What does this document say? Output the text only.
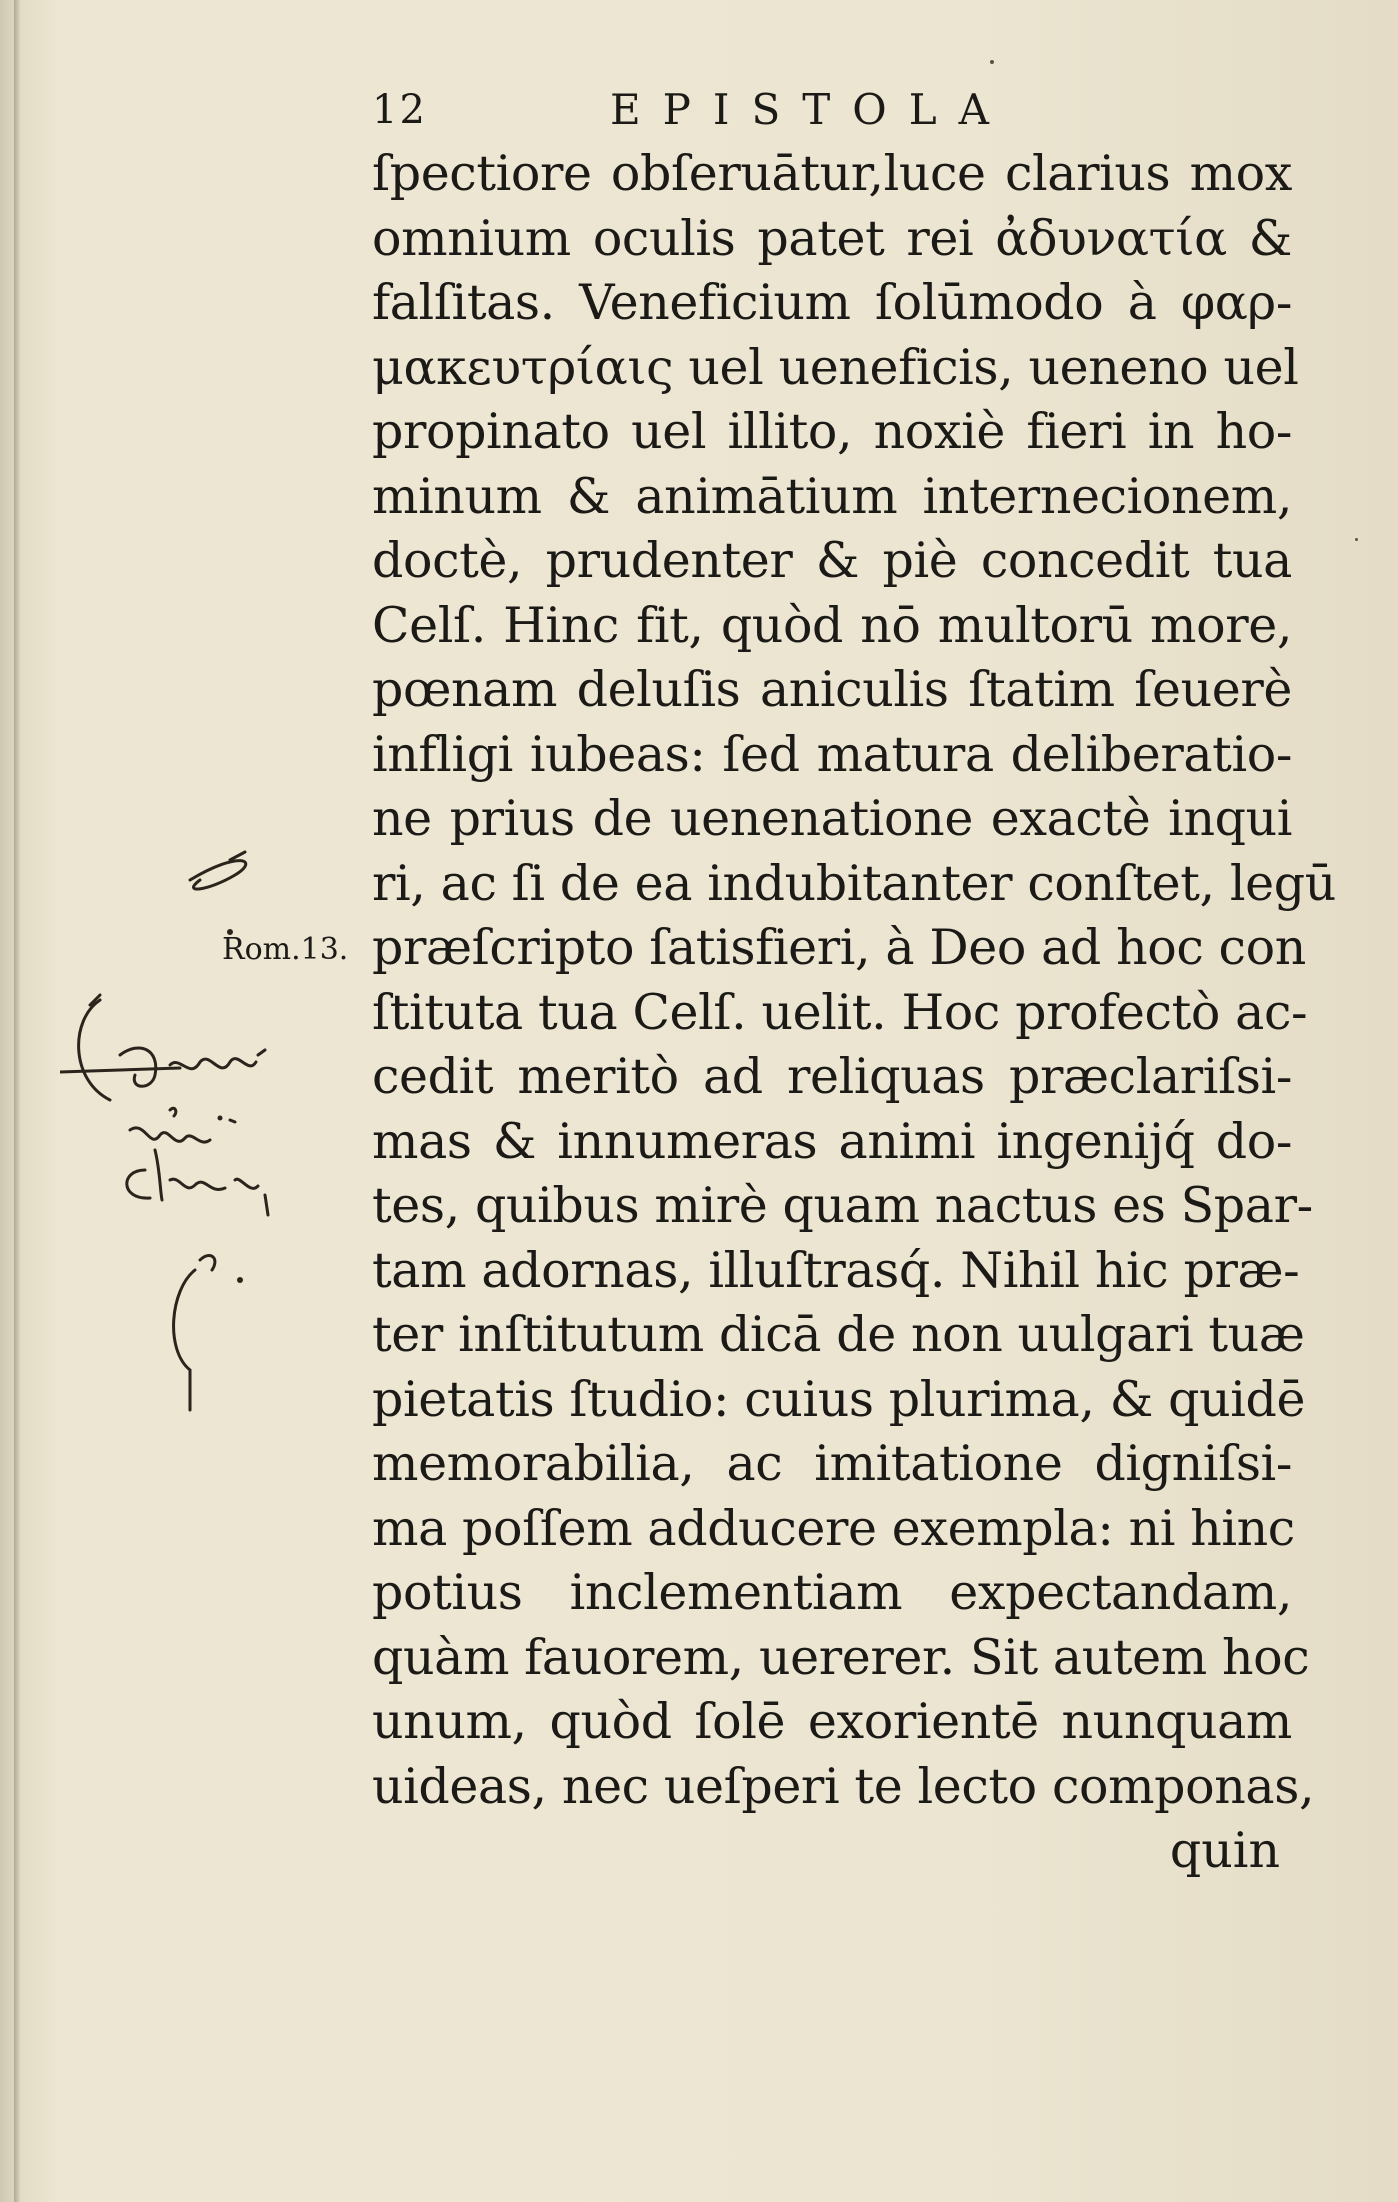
Rom.13.
12	EPISTOLA
ſpectiore obſeruātur,luce clarius mox
omnium oculis patet rei ἀδυνατία &
falſitas. Veneficium ſolūmodo à φαρ-
μακευτρίαις uel ueneficis, ueneno uel
propinato uel illito, noxiè fieri in ho-
minum & animātium internecionem,
doctè, prudenter & piè concedit tua
Celſ. Hinc fit, quòd nō multorū more,
pœnam deluſis aniculis ſtatim ſeuerè
infligi iubeas: ſed matura deliberatio-
ne prius de uenenatione exactè inqui
ri, ac ſi de ea indubitanter conſtet, legū
præſcripto ſatisfieri, à Deo ad hoc con
ſtituta tua Celſ. uelit. Hoc profectò ac-
cedit meritò ad reliquas præclariſsi-
mas & innumeras animi ingenijq́ do-
tes, quibus mirè quam nactus es Spar-
tam adornas, illuſtrasq́. Nihil hic præ-
ter inſtitutum dicā de non uulgari tuæ
pietatis ſtudio: cuius plurima, & quidē
memorabilia, ac imitatione digniſsi-
ma poſſem adducere exempla: ni hinc
potius inclementiam expectandam,
quàm fauorem, uererer. Sit autem hoc
unum, quòd ſolē exorientē nunquam
uideas, nec ueſperi te lecto componas,
quin
